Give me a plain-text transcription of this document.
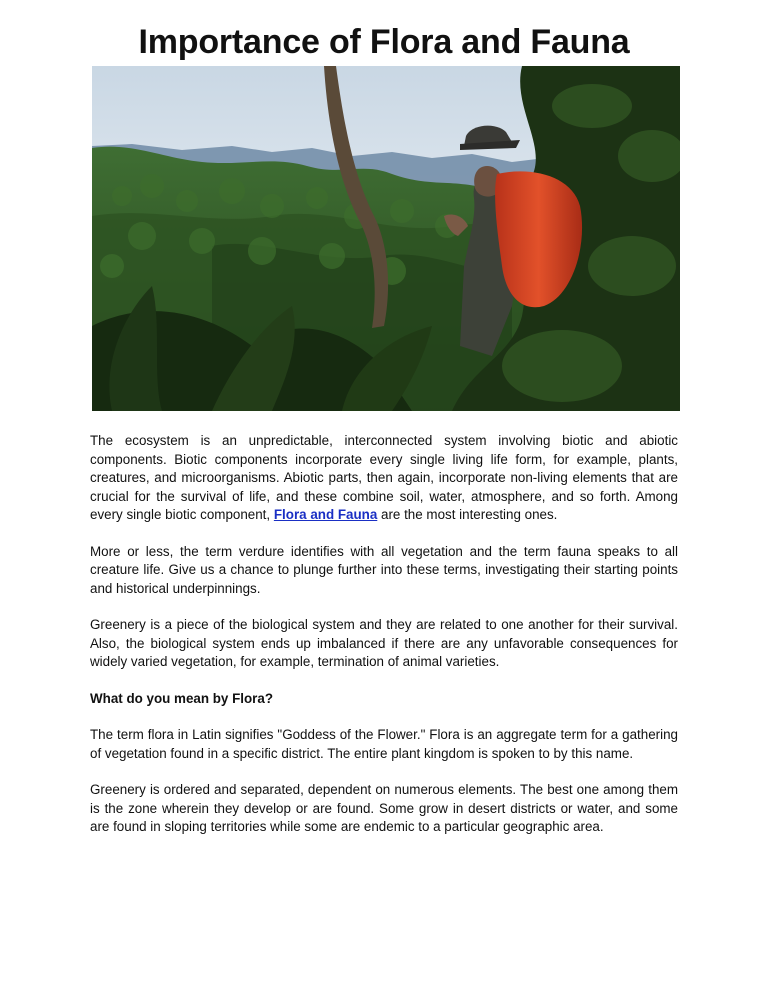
Importance of Flora and Fauna

The ecosystem is an unpredictable, interconnected system involving biotic and abiotic components. Biotic components incorporate every single living life form, for example, plants, creatures, and microorganisms. Abiotic parts, then again, incorporate non-living elements that are crucial for the survival of life, and these combine soil, water, atmosphere, and so forth. Among every single biotic component, Flora and Fauna are the most interesting ones.

More or less, the term verdure identifies with all vegetation and the term fauna speaks to all creature life. Give us a chance to plunge further into these terms, investigating their starting points and historical underpinnings.

Greenery is a piece of the biological system and they are related to one another for their survival. Also, the biological system ends up imbalanced if there are any unfavorable consequences for widely varied vegetation, for example, termination of animal varieties.

What do you mean by Flora?

The term flora in Latin signifies "Goddess of the Flower." Flora is an aggregate term for a gathering of vegetation found in a specific district. The entire plant kingdom is spoken to by this name.

Greenery is ordered and separated, dependent on numerous elements. The best one among them is the zone wherein they develop or are found. Some grow in desert districts or water, and some are found in sloping territories while some are endemic to a particular geographic area.
